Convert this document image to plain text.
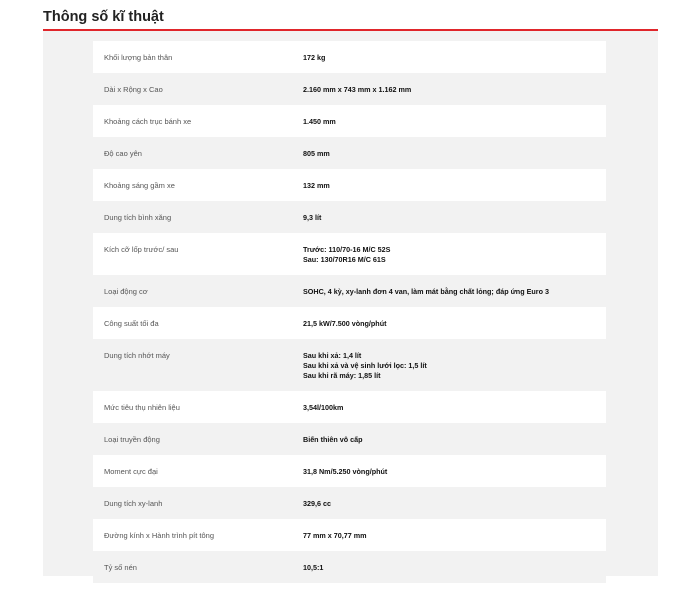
Thông số kĩ thuật
Khối lượng bản thân	172 kg

Dài x Rộng x Cao	2.160 mm x 743 mm x 1.162 mm

Khoảng cách trục bánh xe	1.450 mm

Độ cao yên	805 mm

Khoảng sáng gầm xe	132 mm

Dung tích bình xăng	9,3 lít

Kích cỡ lốp trước/ sau	Trước: 110/70-16 M/C 52S
Sau: 130/70R16 M/C 61S

Loại động cơ	SOHC, 4 kỳ, xy-lanh đơn 4 van, làm mát bằng chất lỏng; đáp ứng Euro 3

Công suất tối đa	21,5 kW/7.500 vòng/phút

Dung tích nhớt máy	Sau khi xả: 1,4 lít
Sau khi xả và vệ sinh lưới lọc: 1,5 lít
Sau khi rã máy: 1,85 lít

Mức tiêu thụ nhiên liệu	3,54l/100km

Loại truyền động	Biến thiên vô cấp

Moment cực đại	31,8 Nm/5.250 vòng/phút

Dung tích xy-lanh	329,6 cc

Đường kính x Hành trình pít tông	77 mm x 70,77 mm

Tỷ số nén	10,5:1
